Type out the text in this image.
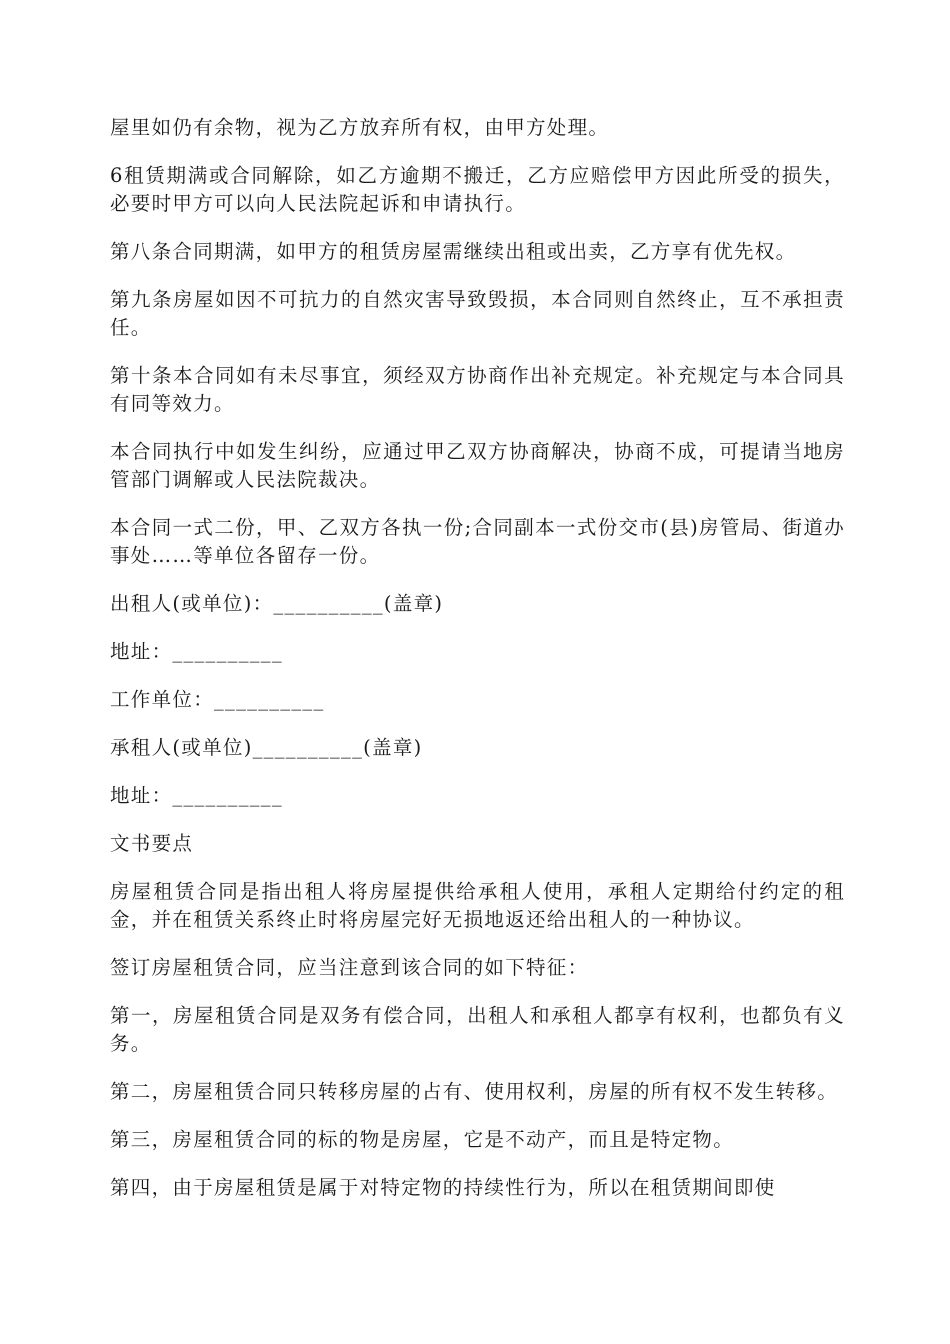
屋里如仍有余物，视为乙方放弃所有权，由甲方处理。

6租赁期满或合同解除，如乙方逾期不搬迁，乙方应赔偿甲方因此所受的损失，必要时甲方可以向人民法院起诉和申请执行。

第八条合同期满，如甲方的租赁房屋需继续出租或出卖，乙方享有优先权。

第九条房屋如因不可抗力的自然灾害导致毁损，本合同则自然终止，互不承担责任。

第十条本合同如有未尽事宜，须经双方协商作出补充规定。补充规定与本合同具有同等效力。

本合同执行中如发生纠纷，应通过甲乙双方协商解决，协商不成，可提请当地房管部门调解或人民法院裁决。

本合同一式二份，甲、乙双方各执一份;合同副本一式份交市(县)房管局、街道办事处……等单位各留存一份。

出租人(或单位)：__________(盖章)

地址：__________

工作单位：__________

承租人(或单位)__________(盖章)

地址：__________

文书要点

房屋租赁合同是指出租人将房屋提供给承租人使用，承租人定期给付约定的租金，并在租赁关系终止时将房屋完好无损地返还给出租人的一种协议。

签订房屋租赁合同，应当注意到该合同的如下特征：

第一，房屋租赁合同是双务有偿合同，出租人和承租人都享有权利，也都负有义务。

第二，房屋租赁合同只转移房屋的占有、使用权利，房屋的所有权不发生转移。

第三，房屋租赁合同的标的物是房屋，它是不动产，而且是特定物。

第四，由于房屋租赁是属于对特定物的持续性行为，所以在租赁期间即使
